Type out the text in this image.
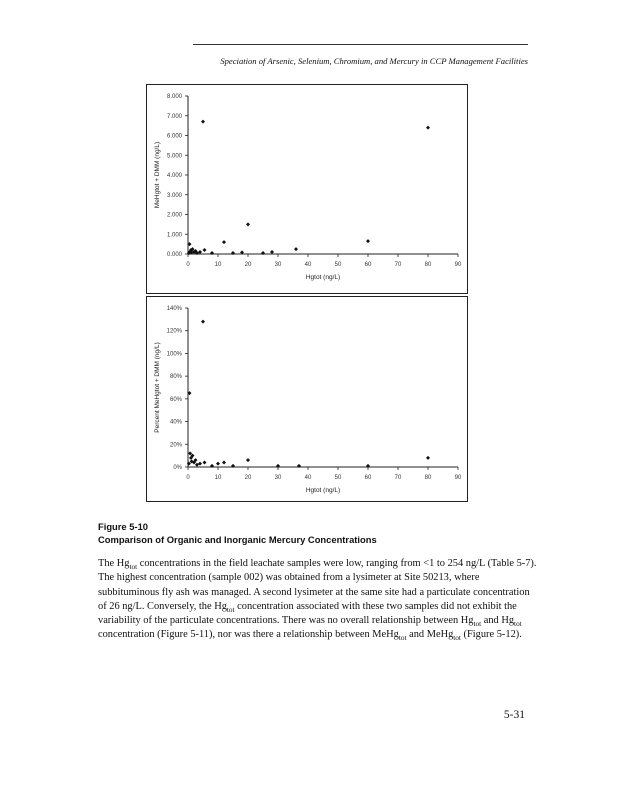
Speciation of Arsenic, Selenium, Chromium, and Mercury in CCP Management Facilities
0.000
1.000
2.000
3.000
4.000
5.000
6.000
7.000
8.000
0	10	20	30	40	50	60	70	80	90
Hgtot (ng/L)
MeHgtot + DMM (ng/L)
0%
20%
40%
60%
80%
100%
120%
140%
0	10	20	30	40	50	60	70	80	90
Hgtot (ng/L)
Percent MeHgtot + DMM (ng/L)
Figure 5-10
Comparison of Organic and Inorganic Mercury Concentrations

The $Hg_{tot}$ concentrations in the field leachate samples were low, ranging from <1 to 254 ng/L (Table 5-7). The highest concentration (sample 002) was obtained from a lysimeter at Site 50213, where subbituminous fly ash was managed. A second lysimeter at the same site had a particulate concentration of 26 ng/L. Conversely, the $Hg_{tot}$ concentration associated with these two samples did not exhibit the variability of the particulate concentrations. There was no overall relationship between $Hg_{tot}$ and $Hg_{tot}$ concentration (Figure 5-11), nor was there a relationship between MeHg$_{tot}$ and MeHg$_{tot}$ (Figure 5-12).

5-31
